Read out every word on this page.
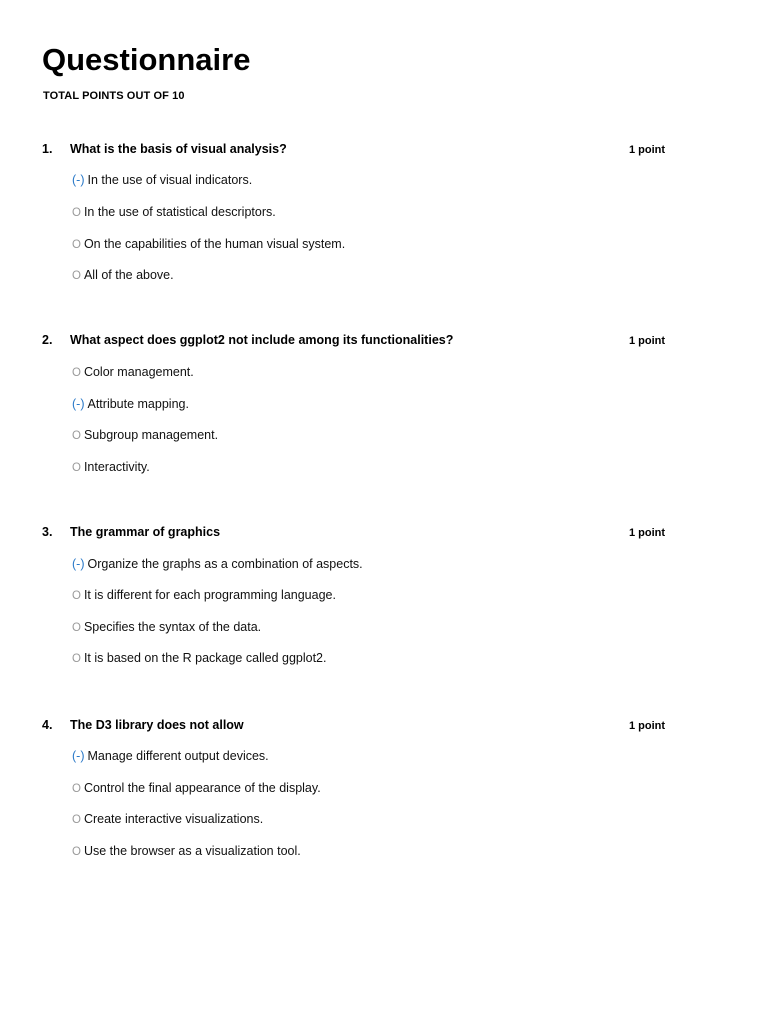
Questionnaire
TOTAL POINTS OUT OF 10
1. What is the basis of visual analysis?	1 point
(-) In the use of visual indicators.
O In the use of statistical descriptors.
O On the capabilities of the human visual system.
O All of the above.
2. What aspect does ggplot2 not include among its functionalities?	1 point
O Color management.
(-) Attribute mapping.
O Subgroup management.
O Interactivity.
3. The grammar of graphics	1 point
(-) Organize the graphs as a combination of aspects.
O It is different for each programming language.
O Specifies the syntax of the data.
O It is based on the R package called ggplot2.
4. The D3 library does not allow	1 point
(-) Manage different output devices.
O Control the final appearance of the display.
O Create interactive visualizations.
O Use the browser as a visualization tool.
